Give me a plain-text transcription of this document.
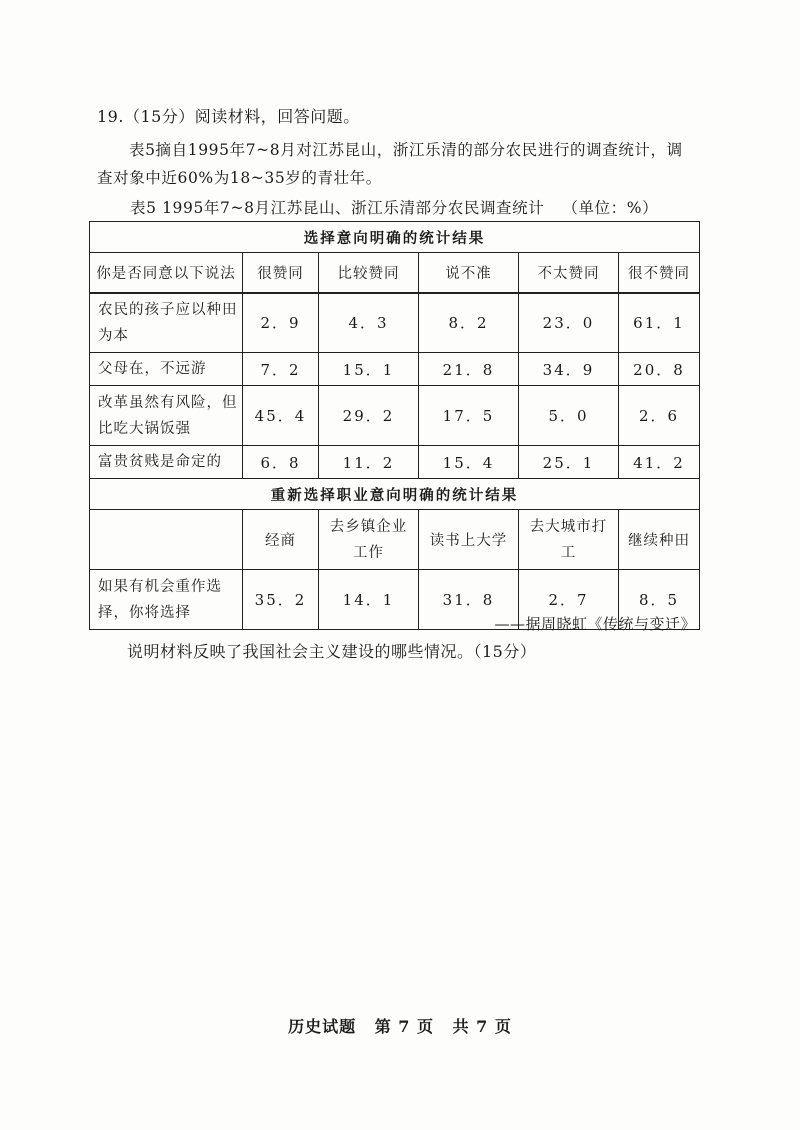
19.（15分）阅读材料，回答问题。
表5摘自1995年7~8月对江苏昆山，浙江乐清的部分农民进行的调查统计，调查对象中近60%为18~35岁的青壮年。
表5 1995年7~8月江苏昆山、浙江乐清部分农民调查统计 （单位：%）
选择意向明确的统计结果					
你是否同意以下说法	很赞同	比较赞同	说不准	不太赞同	很不赞同
农民的孩子应以种田为本	2．9	4．3	8．2	23．0	61．1
父母在，不远游	7．2	15．1	21．8	34．9	20．8
改革虽然有风险，但比吃大锅饭强	45．4	29．2	17．5	5．0	2．6
富贵贫贱是命定的	6．8	11．2	15．4	25．1	41．2
重新选择职业意向明确的统计结果					
	经商	去乡镇企业工作	读书上大学	去大城市打工	继续种田
如果有机会重作选择，你将选择	35．2	14．1	31．8	2．7	8．5
——据周晓虹《传统与变迁》
说明材料反映了我国社会主义建设的哪些情况。（15分）
历史试题 第 7 页 共 7 页
